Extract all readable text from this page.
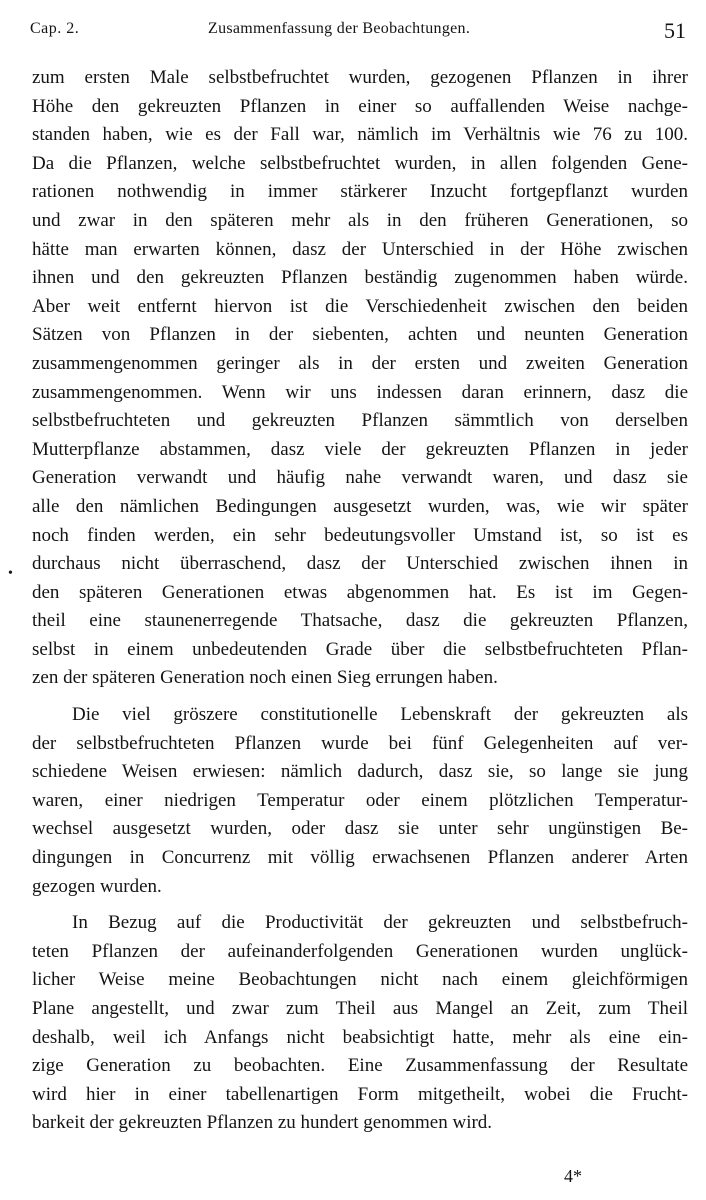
Cap. 2.	Zusammenfassung der Beobachtungen.	51
•
zum ersten Male selbstbefruchtet wurden, gezogenen Pflanzen in ihrer
Höhe den gekreuzten Pflanzen in einer so auffallenden Weise nachge-
standen haben, wie es der Fall war, nämlich im Verhältnis wie 76 zu 100.
Da die Pflanzen, welche selbstbefruchtet wurden, in allen folgenden Gene-
rationen nothwendig in immer stärkerer Inzucht fortgepflanzt wurden
und zwar in den späteren mehr als in den früheren Generationen, so
hätte man erwarten können, dasz der Unterschied in der Höhe zwischen
ihnen und den gekreuzten Pflanzen beständig zugenommen haben würde.
Aber weit entfernt hiervon ist die Verschiedenheit zwischen den beiden
Sätzen von Pflanzen in der siebenten, achten und neunten Generation
zusammengenommen geringer als in der ersten und zweiten Generation
zusammengenommen. Wenn wir uns indessen daran erinnern, dasz die
selbstbefruchteten und gekreuzten Pflanzen sämmtlich von derselben
Mutterpflanze abstammen, dasz viele der gekreuzten Pflanzen in jeder
Generation verwandt und häufig nahe verwandt waren, und dasz sie
alle den nämlichen Bedingungen ausgesetzt wurden, was, wie wir später
noch finden werden, ein sehr bedeutungsvoller Umstand ist, so ist es
durchaus nicht überraschend, dasz der Unterschied zwischen ihnen in
den späteren Generationen etwas abgenommen hat. Es ist im Gegen-
theil eine staunenerregende Thatsache, dasz die gekreuzten Pflanzen,
selbst in einem unbedeutenden Grade über die selbstbefruchteten Pflan-
zen der späteren Generation noch einen Sieg errungen haben.
Die viel gröszere constitutionelle Lebenskraft der gekreuzten als
der selbstbefruchteten Pflanzen wurde bei fünf Gelegenheiten auf ver-
schiedene Weisen erwiesen: nämlich dadurch, dasz sie, so lange sie jung
waren, einer niedrigen Temperatur oder einem plötzlichen Temperatur-
wechsel ausgesetzt wurden, oder dasz sie unter sehr ungünstigen Be-
dingungen in Concurrenz mit völlig erwachsenen Pflanzen anderer Arten
gezogen wurden.
In Bezug auf die Productivität der gekreuzten und selbstbefruch-
teten Pflanzen der aufeinanderfolgenden Generationen wurden unglück-
licher Weise meine Beobachtungen nicht nach einem gleichförmigen
Plane angestellt, und zwar zum Theil aus Mangel an Zeit, zum Theil
deshalb, weil ich Anfangs nicht beabsichtigt hatte, mehr als eine ein-
zige Generation zu beobachten. Eine Zusammenfassung der Resultate
wird hier in einer tabellenartigen Form mitgetheilt, wobei die Frucht-
barkeit der gekreuzten Pflanzen zu hundert genommen wird.
4*
